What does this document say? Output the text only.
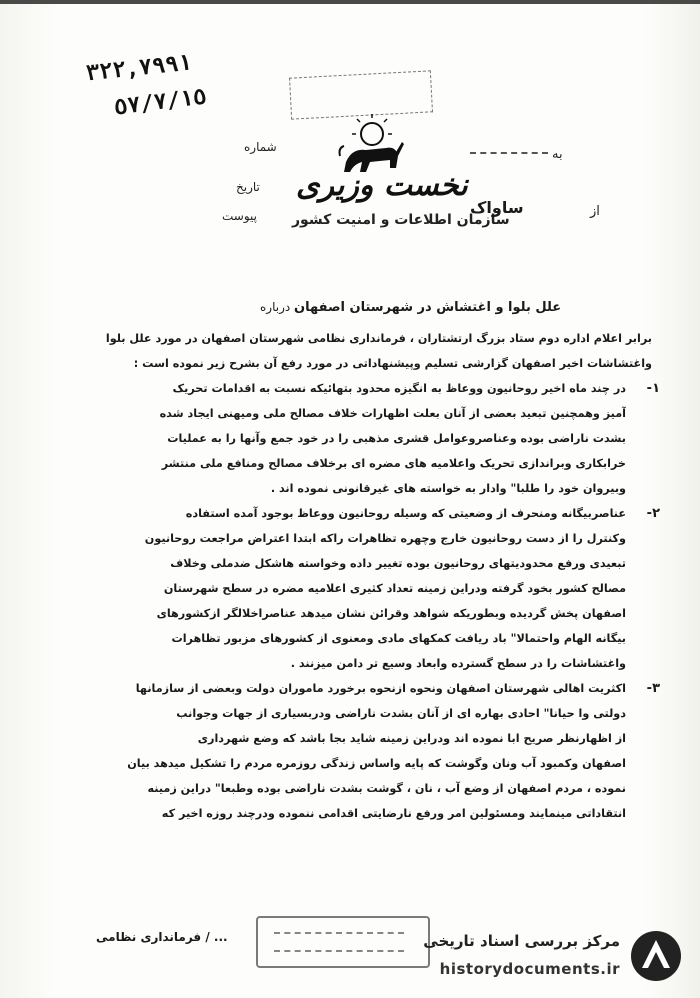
٣٢٢,٧٩٩١
٥٧/٧/١٥
نخست وزیری
سازمان اطلاعات و امنیت کشور
شماره
تاریخ
پیوست
به
از
ساواک
علل بلوا و اغتشاش در شهرستان اصفهان درباره

برابر اعلام اداره دوم ستاد بزرگ ارتشتاران ، فرمانداری نظامی شهرستان اصفهان در مورد علل بلوا

واغتشاشات اخیر اصفهان گزارشی تسلیم وپیشنهاداتی در مورد رفع آن بشرح زیر نموده است :

۱-

در چند ماه اخیر روحانیون ووعاظ به انگیزه محدود بتهائیکه نسبت به اقدامات تحریک

آمیز وهمچنین تبعید بعضی از آنان بعلت اظهارات خلاف مصالح ملی ومیهنی ایجاد شده

بشدت ناراضی بوده وعناصروعوامل قشری مذهبی را در خود جمع وآنها را به عملیات

خرابکاری وبراندازی تحریک واعلامیه های مضره ای برخلاف مصالح ومنافع ملی منتشر

وبیروان خود را طلبا" وادار به خواسته های غیرقانونی نموده اند .

۲-

عناصربیگانه ومنحرف از وضعیتی که وسیله روحانیون ووعاظ بوجود آمده استفاده

وکنترل را از دست روحانیون خارج وچهره تظاهرات راکه ابتدا اعتراض مراجعت روحانیون

تبعیدی ورفع محدودیتهای روحانیون بوده تغییر داده وخواسته هاشکل ضدملی وخلاف

مصالح کشور بخود گرفته ودراین زمینه تعداد کثیری اعلامیه مضره در سطح شهرستان

اصفهان پخش گردیده وبطوریکه شواهد وقرائن نشان میدهد عناصراخلالگر ازکشورهای

بیگانه الهام واحتمالا" باد ریافت کمکهای مادی ومعنوی از کشورهای مزبور تظاهرات

واغتشاشات را در سطح گسترده وابعاد وسیع تر دامن میزنند .

۳-

اکثریت اهالی شهرستان اصفهان ونحوه ازنحوه برخورد ماموران دولت وبعضی از سازمانها

دولتی وا حیانا" احادی بهاره ای از آنان بشدت ناراضی ودربسیاری از جهات وجوانب

از اظهارنظر صریح ابا نموده اند ودراین زمینه شاید بجا باشد که وضع شهرداری

اصفهان وکمبود آب ونان وگوشت که پایه واساس زندگی روزمره مردم را تشکیل میدهد بیان

نموده ، مردم اصفهان از وضع آب ، نان ، گوشت بشدت ناراضی بوده وطبعا" دراین زمینه

انتقاداتی مینمایند ومسئولین امر ورفع نارضایتی اقدامی ننموده ودرچند روزه اخیر که

فرمانداری نظامی / ...	مرکز بررسی اسناد تاریخی
historydocuments.ir
